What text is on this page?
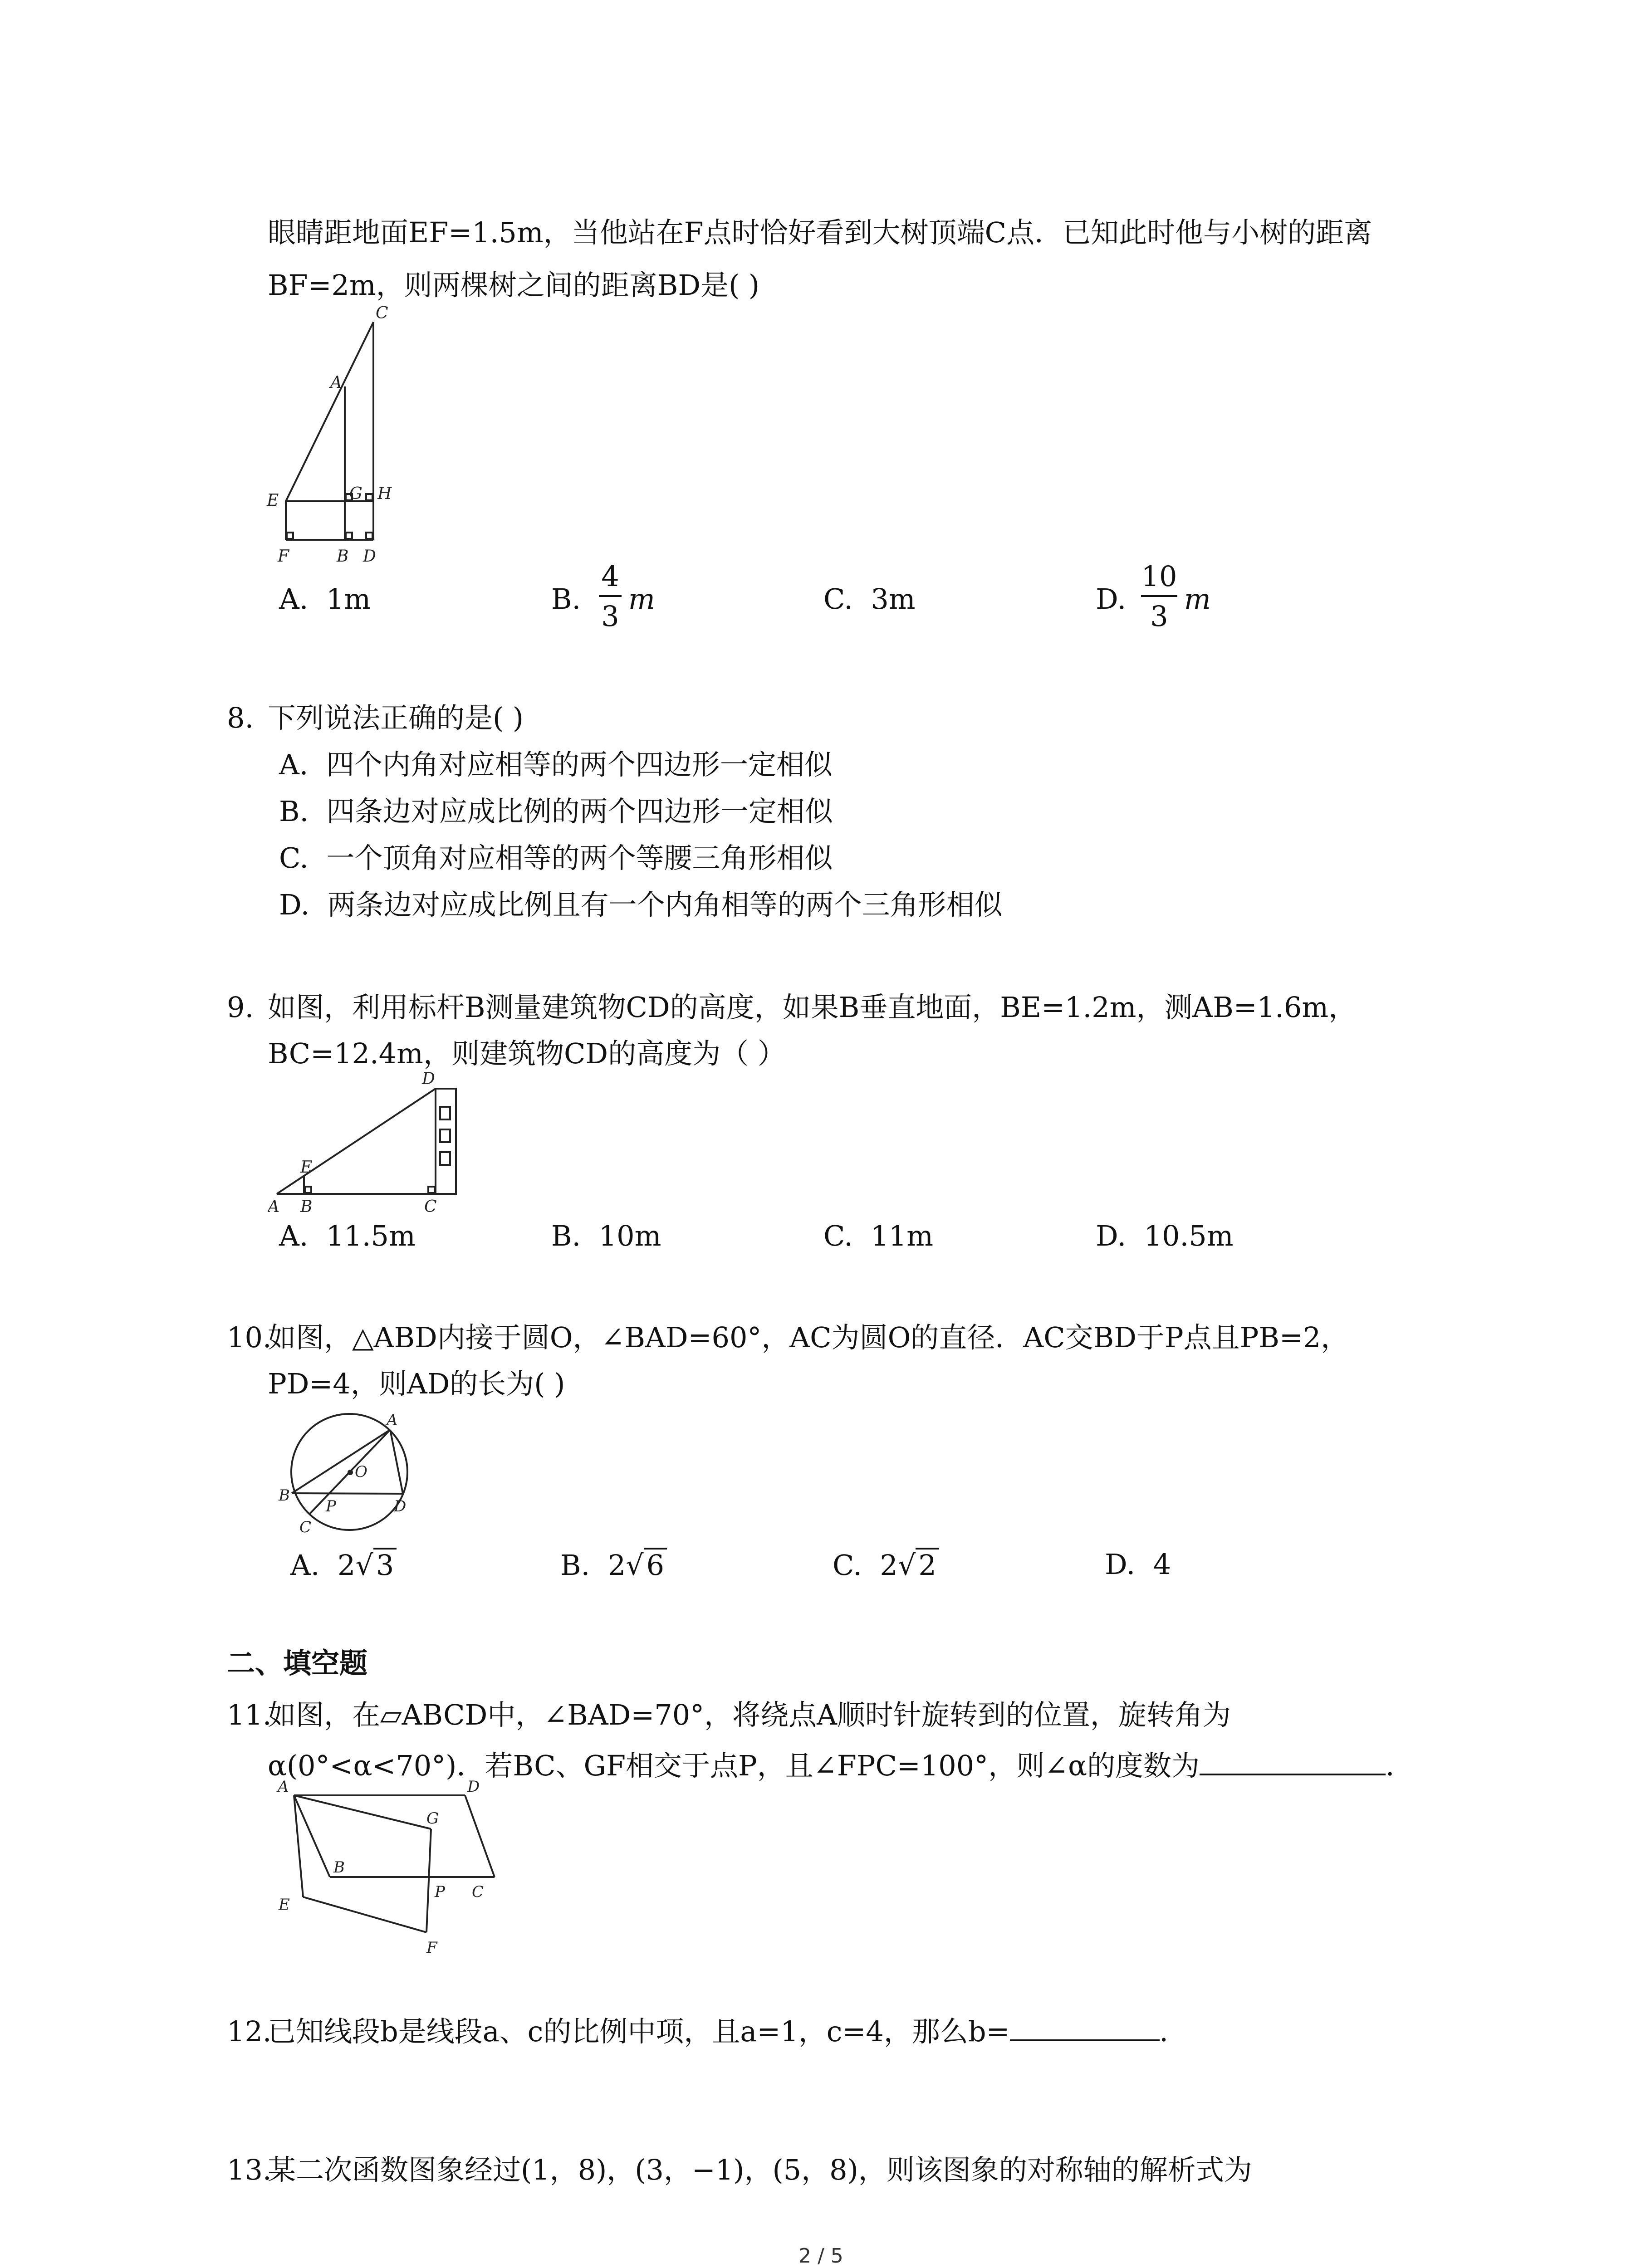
眼睛距地面EF=1.5m，当他站在F点时恰好看到大树顶端C点．已知此时他与小树的距离
BF=2m，则两棵树之间的距离BD是( )
C
A
E	G H
F	B D
A. 1m	B.
4
3
m	C. 3m	D.
10
3
m
8. 下列说法正确的是( )
A. 四个内角对应相等的两个四边形一定相似
B. 四条边对应成比例的两个四边形一定相似
C. 一个顶角对应相等的两个等腰三角形相似
D. 两条边对应成比例且有一个内角相等的两个三角形相似
9. 如图，利用标杆B测量建筑物CD的高度，如果B垂直地面，BE=1.2m，测AB=1.6m，
BC=12.4m，则建筑物CD的高度为（ ）
D
E
A B	C
A. 11.5m	B. 10m	C. 11m	D. 10.5m
10.
如图，△ABD内接于圆O，∠BAD=60°，AC为圆O的直径．AC交BD于P点且PB=2，
PD=4，则AD的长为( )
A
O
B
P	D
C
A. 2√3	B. 2√6	C. 2√2	D. 4
二、填空题
11.
如图，在▱ABCD中，∠BAD=70°，将绕点A顺时针旋转到的位置，旋转角为
α(0°<α<70°)．若BC、GF相交于点P，且∠FPC=100°，则∠α的度数为	．
A	D
G
B
P C
E
F
12.
已知线段b是线段a、c的比例中项，且a=1，c=4，那么b=	．
13.
某二次函数图象经过(1，8)，(3，−1)，(5，8)，则该图象的对称轴的解析式为
2 / 5
